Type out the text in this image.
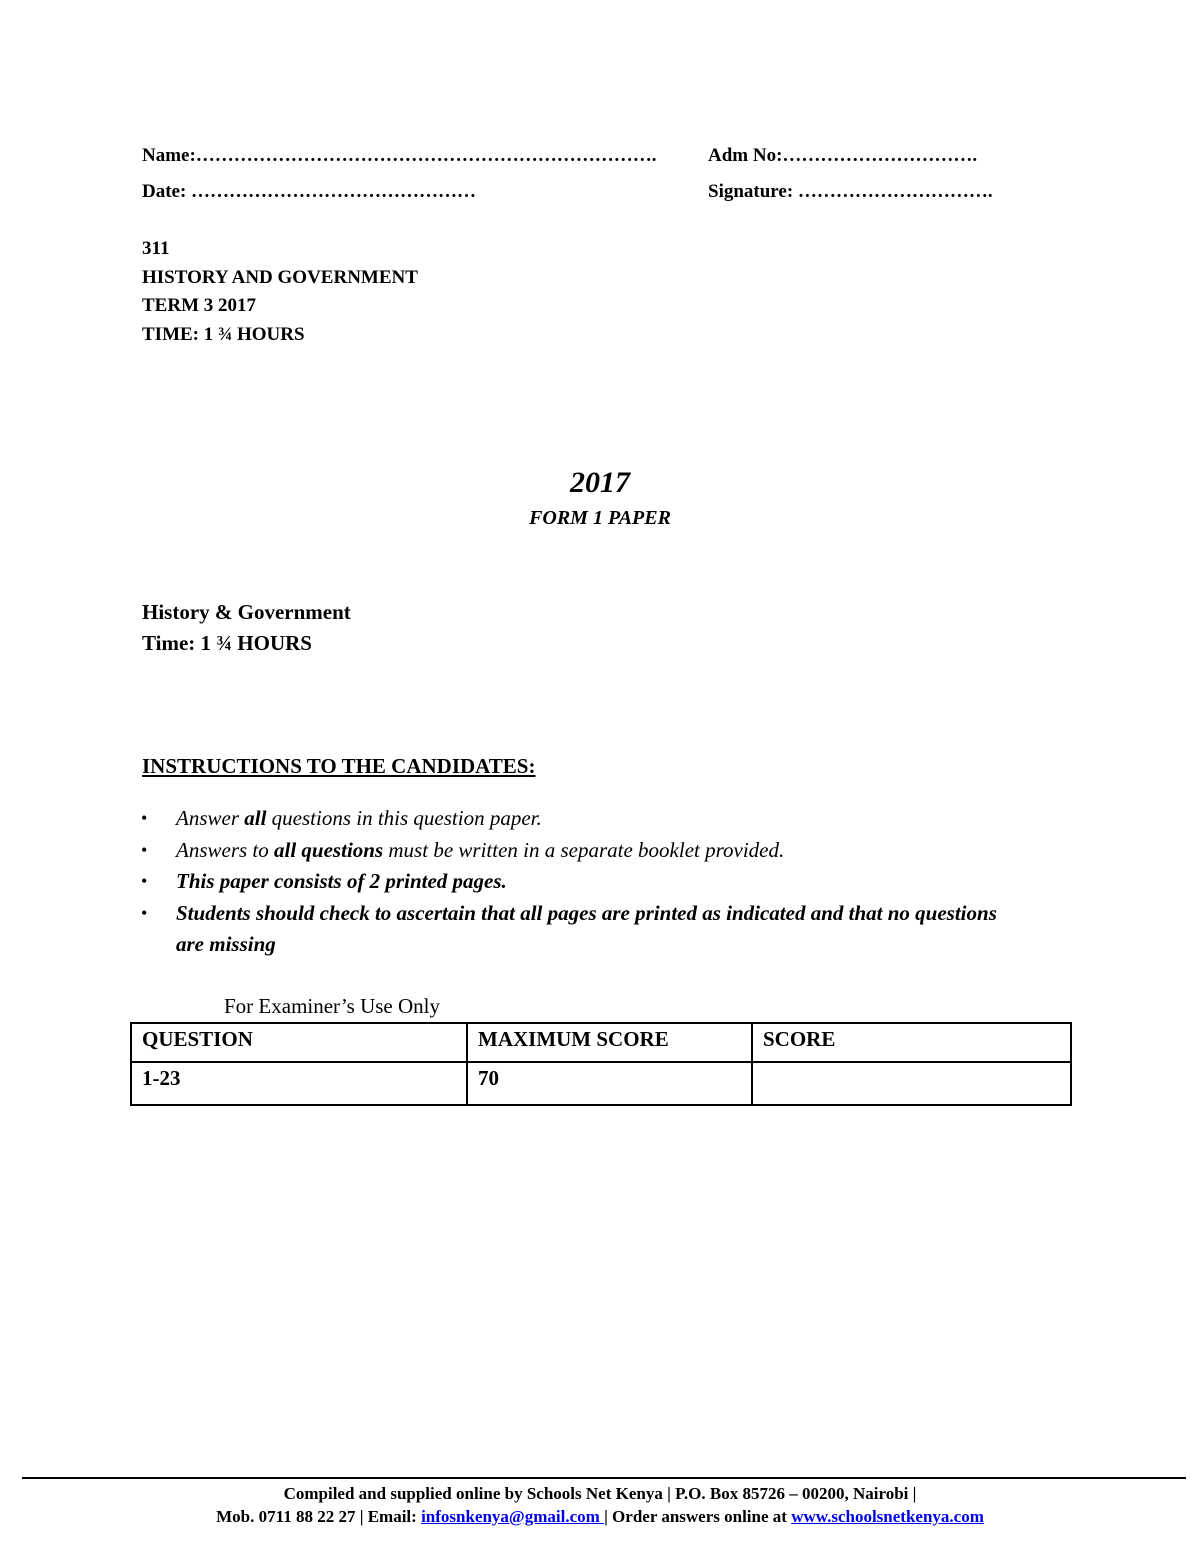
Name:……………………………………………………………….	Adm No:………………………….
Date: ………………………………………	Signature: ………………………….
311
HISTORY AND GOVERNMENT
TERM 3 2017
TIME: 1 ¾ HOURS
2017
FORM 1 PAPER
History & Government
Time: 1 ¾ HOURS
INSTRUCTIONS TO THE CANDIDATES:
• Answer all questions in this question paper.
• Answers to all questions must be written in a separate booklet provided.
• This paper consists of 2 printed pages.
• Students should check to ascertain that all pages are printed as indicated and that no questions are missing
For Examiner’s Use Only
QUESTION	MAXIMUM SCORE	SCORE
1-23	70	
Compiled and supplied online by Schools Net Kenya | P.O. Box 85726 – 00200, Nairobi |
Mob. 0711 88 22 27 | Email: infosnkenya@gmail.com | Order answers online at www.schoolsnetkenya.com
